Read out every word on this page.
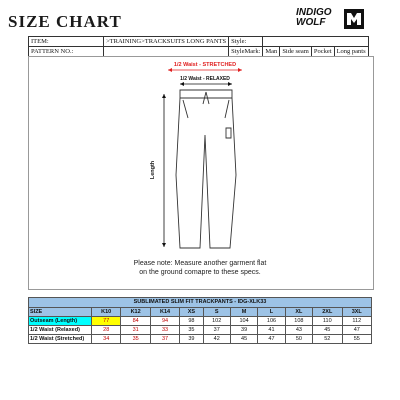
SIZE CHART	INDIGO
WOLF
ITEM:	>TRAINING>TRACKSUITS LONG PANTS	Style:				
PATTERN NO.:		StyleMark:	Man	Side seam	Pocket	Long pants
1/2 Waist - STRETCHED
1/2 Waist - RELAXED
Length
Please note: Measure another garment flat
on the ground comapre to these specs.
SUBLIMATED SLIM FIT TRACKPANTS - IDG-XLK33
SIZE	K10	K12	K14	XS	S	M	L	XL	2XL	3XL
Outseam (Length)	77	84	94	98	102	104	106	108	110	112
1/2 Waist (Relaxed)	28	31	33	35	37	39	41	43	45	47
1/2 Waist (Stretched)	34	35	37	39	42	45	47	50	52	55
